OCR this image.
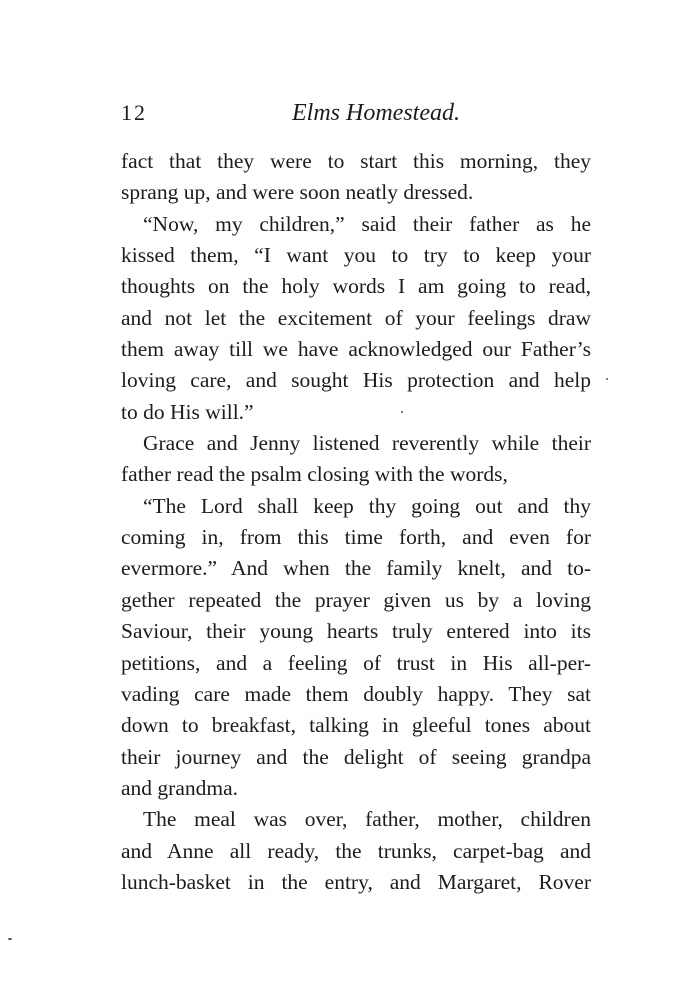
12	Elms Homestead.
fact that they were to start this morning, they
sprang up, and were soon neatly dressed.
“Now, my children,” said their father as he
kissed them, “I want you to try to keep your
thoughts on the holy words I am going to read,
and not let the excitement of your feelings draw
them away till we have acknowledged our Father’s
loving care, and sought His protection and help
to do His will.”
Grace and Jenny listened reverently while their
father read the psalm closing with the words,
“The Lord shall keep thy going out and thy
coming in, from this time forth, and even for
evermore.” And when the family knelt, and to-
gether repeated the prayer given us by a loving
Saviour, their young hearts truly entered into its
petitions, and a feeling of trust in His all-per-
vading care made them doubly happy. They sat
down to breakfast, talking in gleeful tones about
their journey and the delight of seeing grandpa
and grandma.
The meal was over, father, mother, children
and Anne all ready, the trunks, carpet-bag and
lunch-basket in the entry, and Margaret, Rover
